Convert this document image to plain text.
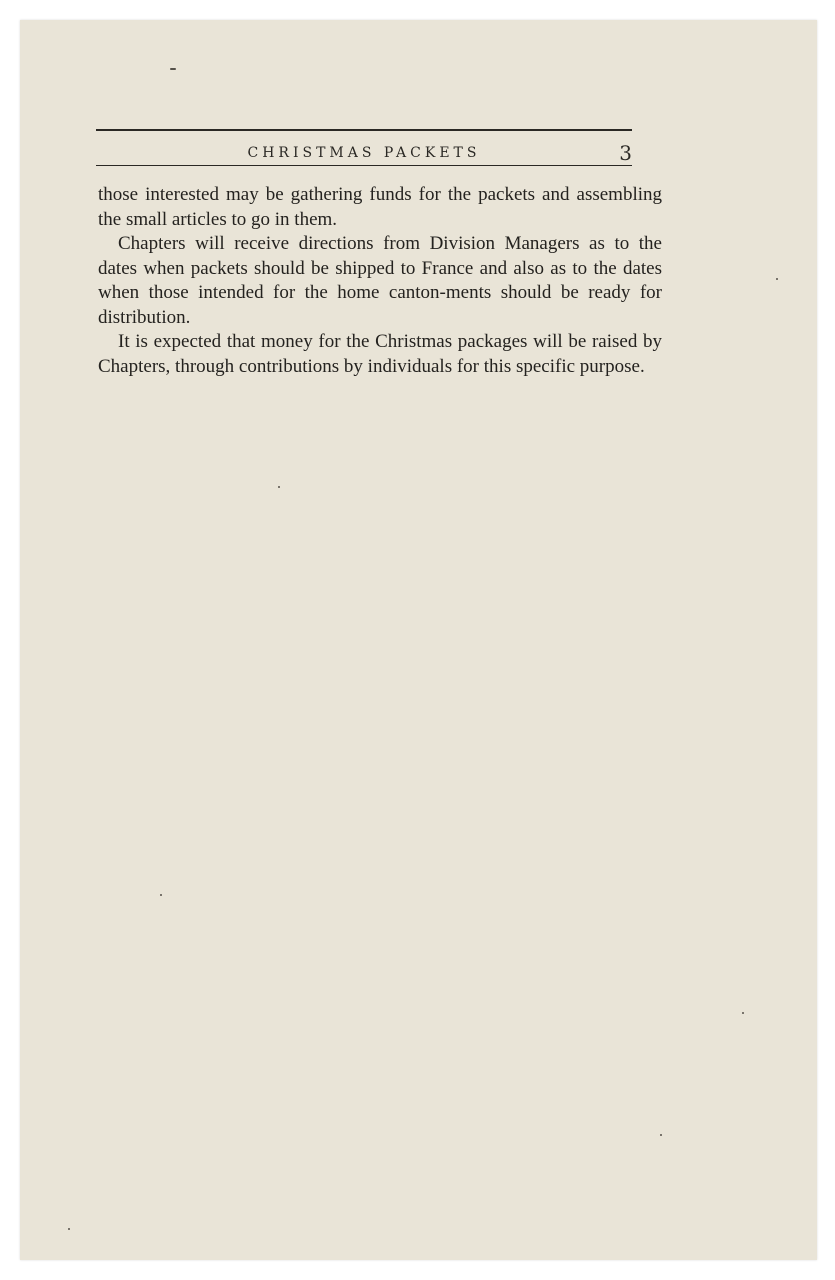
CHRISTMAS PACKETS	3

those interested may be gathering funds for the packets and assembling the small articles to go in them.

Chapters will receive directions from Division Managers as to the dates when packets should be shipped to France and also as to the dates when those intended for the home canton-ments should be ready for distribution.

It is expected that money for the Christmas packages will be raised by Chapters, through contributions by individuals for this specific purpose.
